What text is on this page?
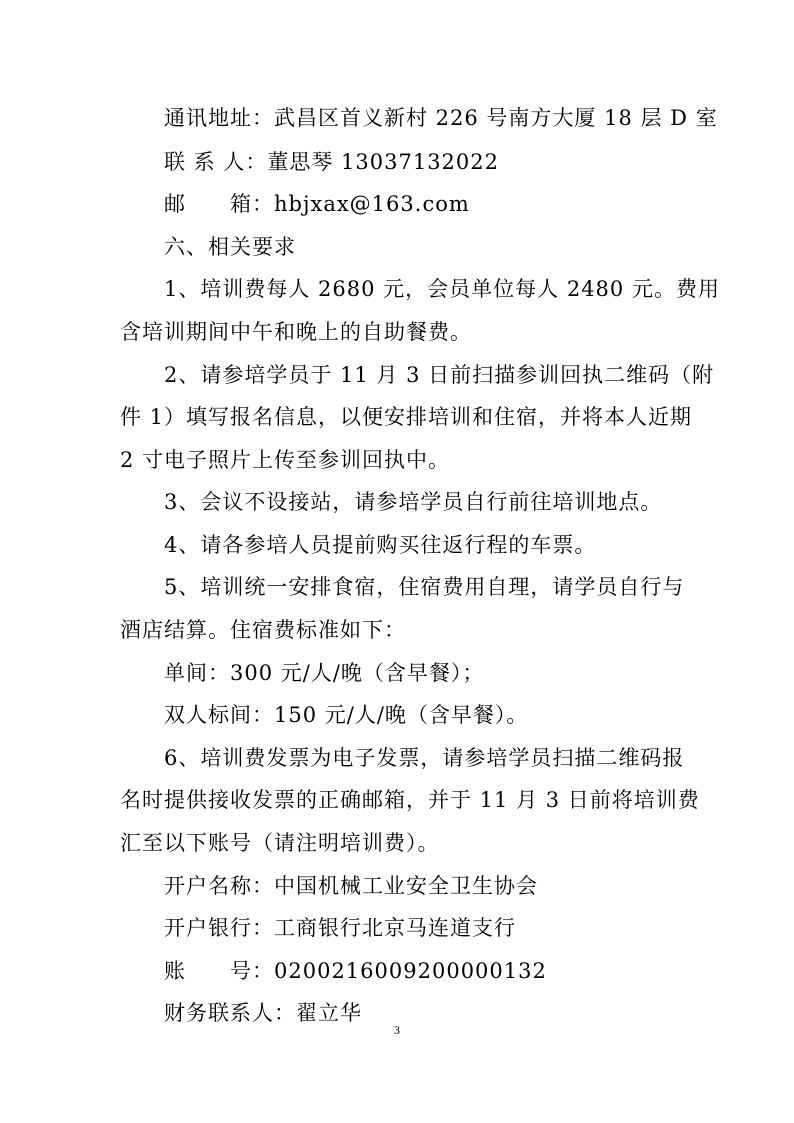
通讯地址：武昌区首义新村 226 号南方大厦 18 层 D 室
联 系 人：董思琴 13037132022
邮　　箱：hbjxax@163.com
六、相关要求
1、培训费每人 2680 元，会员单位每人 2480 元。费用
含培训期间中午和晚上的自助餐费。
2、请参培学员于 11 月 3 日前扫描参训回执二维码（附
件 1）填写报名信息，以便安排培训和住宿，并将本人近期
2 寸电子照片上传至参训回执中。
3、会议不设接站，请参培学员自行前往培训地点。
4、请各参培人员提前购买往返行程的车票。
5、培训统一安排食宿，住宿费用自理，请学员自行与
酒店结算。住宿费标准如下：
单间：300 元/人/晚（含早餐）；
双人标间：150 元/人/晚（含早餐）。
6、培训费发票为电子发票，请参培学员扫描二维码报
名时提供接收发票的正确邮箱，并于 11 月 3 日前将培训费
汇至以下账号（请注明培训费）。
开户名称：中国机械工业安全卫生协会
开户银行：工商银行北京马连道支行
账　　号：0200216009200000132
财务联系人：翟立华
3
